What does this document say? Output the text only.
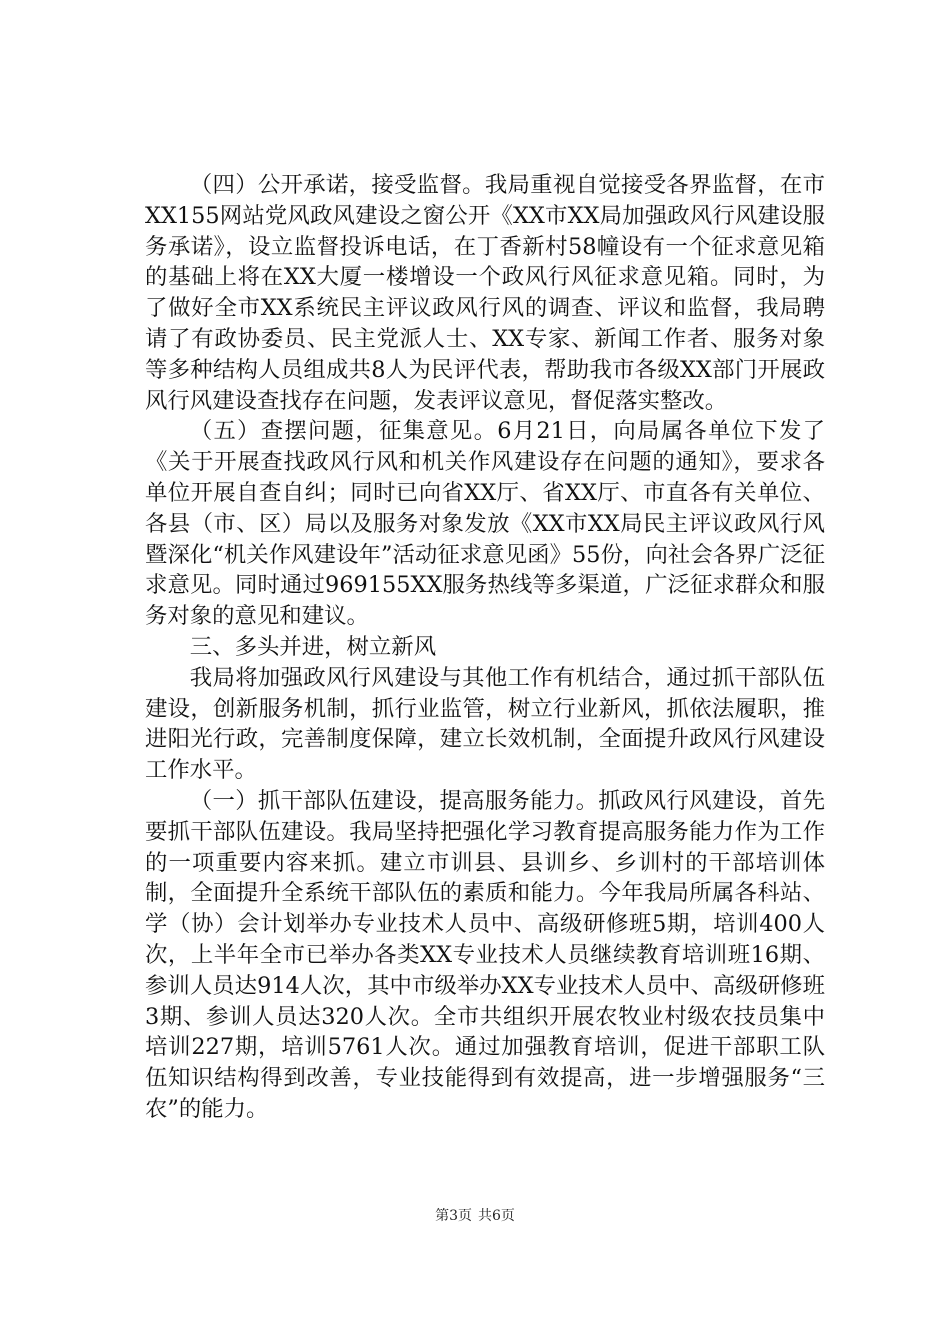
（四）公开承诺，接受监督。我局重视自觉接受各界监督，在市XX155网站党风政风建设之窗公开《XX市XX局加强政风行风建设服务承诺》，设立监督投诉电话，在丁香新村58幢设有一个征求意见箱的基础上将在XX大厦一楼增设一个政风行风征求意见箱。同时，为了做好全市XX系统民主评议政风行风的调查、评议和监督，我局聘请了有政协委员、民主党派人士、XX专家、新闻工作者、服务对象等多种结构人员组成共8人为民评代表，帮助我市各级XX部门开展政风行风建设查找存在问题，发表评议意见，督促落实整改。

（五）查摆问题，征集意见。6月21日，向局属各单位下发了《关于开展查找政风行风和机关作风建设存在问题的通知》，要求各单位开展自查自纠；同时已向省XX厅、省XX厅、市直各有关单位、各县（市、区）局以及服务对象发放《XX市XX局民主评议政风行风暨深化“机关作风建设年”活动征求意见函》55份，向社会各界广泛征求意见。同时通过969155XX服务热线等多渠道，广泛征求群众和服务对象的意见和建议。

三、多头并进，树立新风

我局将加强政风行风建设与其他工作有机结合，通过抓干部队伍建设，创新服务机制，抓行业监管，树立行业新风，抓依法履职，推进阳光行政，完善制度保障，建立长效机制，全面提升政风行风建设工作水平。

（一）抓干部队伍建设，提高服务能力。抓政风行风建设，首先要抓干部队伍建设。我局坚持把强化学习教育提高服务能力作为工作的一项重要内容来抓。建立市训县、县训乡、乡训村的干部培训体制，全面提升全系统干部队伍的素质和能力。今年我局所属各科站、学（协）会计划举办专业技术人员中、高级研修班5期，培训400人次，上半年全市已举办各类XX专业技术人员继续教育培训班16期、参训人员达914人次，其中市级举办XX专业技术人员中、高级研修班3期、参训人员达320人次。全市共组织开展农牧业村级农技员集中培训227期，培训5761人次。通过加强教育培训，促进干部职工队伍知识结构得到改善，专业技能得到有效提高，进一步增强服务“三农”的能力。

第3页 共6页
